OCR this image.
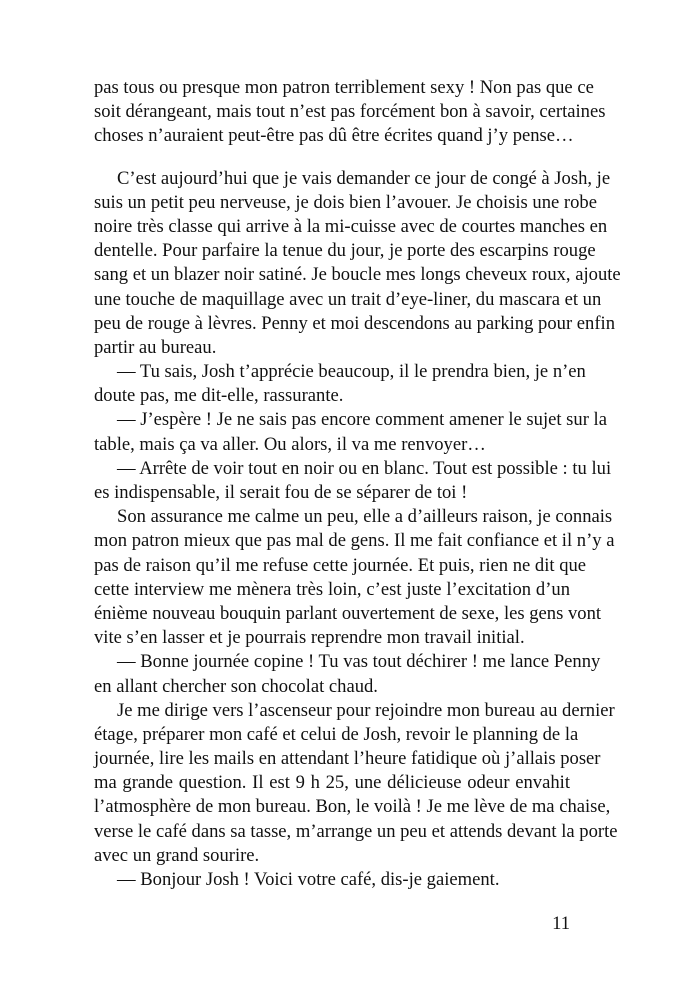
pas tous ou presque mon patron terriblement sexy ! Non pas que ce
soit dérangeant, mais tout n’est pas forcément bon à savoir, certaines
choses n’auraient peut-être pas dû être écrites quand j’y pense…
C’est aujourd’hui que je vais demander ce jour de congé à Josh, je
suis un petit peu nerveuse, je dois bien l’avouer. Je choisis une robe
noire très classe qui arrive à la mi-cuisse avec de courtes manches en
dentelle. Pour parfaire la tenue du jour, je porte des escarpins rouge
sang et un blazer noir satiné. Je boucle mes longs cheveux roux, ajoute
une touche de maquillage avec un trait d’eye-liner, du mascara et un
peu de rouge à lèvres. Penny et moi descendons au parking pour enfin
partir au bureau.
— Tu sais, Josh t’apprécie beaucoup, il le prendra bien, je n’en
doute pas, me dit-elle, rassurante.
— J’espère ! Je ne sais pas encore comment amener le sujet sur la
table, mais ça va aller. Ou alors, il va me renvoyer…
— Arrête de voir tout en noir ou en blanc. Tout est possible : tu lui
es indispensable, il serait fou de se séparer de toi !
Son assurance me calme un peu, elle a d’ailleurs raison, je connais
mon patron mieux que pas mal de gens. Il me fait confiance et il n’y a
pas de raison qu’il me refuse cette journée. Et puis, rien ne dit que
cette interview me mènera très loin, c’est juste l’excitation d’un
énième nouveau bouquin parlant ouvertement de sexe, les gens vont
vite s’en lasser et je pourrais reprendre mon travail initial.
— Bonne journée copine ! Tu vas tout déchirer ! me lance Penny
en allant chercher son chocolat chaud.
Je me dirige vers l’ascenseur pour rejoindre mon bureau au dernier
étage, préparer mon café et celui de Josh, revoir le planning de la
journée, lire les mails en attendant l’heure fatidique où j’allais poser
ma grande question. Il est 9 h 25, une délicieuse odeur envahit
l’atmosphère de mon bureau. Bon, le voilà ! Je me lève de ma chaise,
verse le café dans sa tasse, m’arrange un peu et attends devant la porte
avec un grand sourire.
— Bonjour Josh ! Voici votre café, dis-je gaiement.
11
